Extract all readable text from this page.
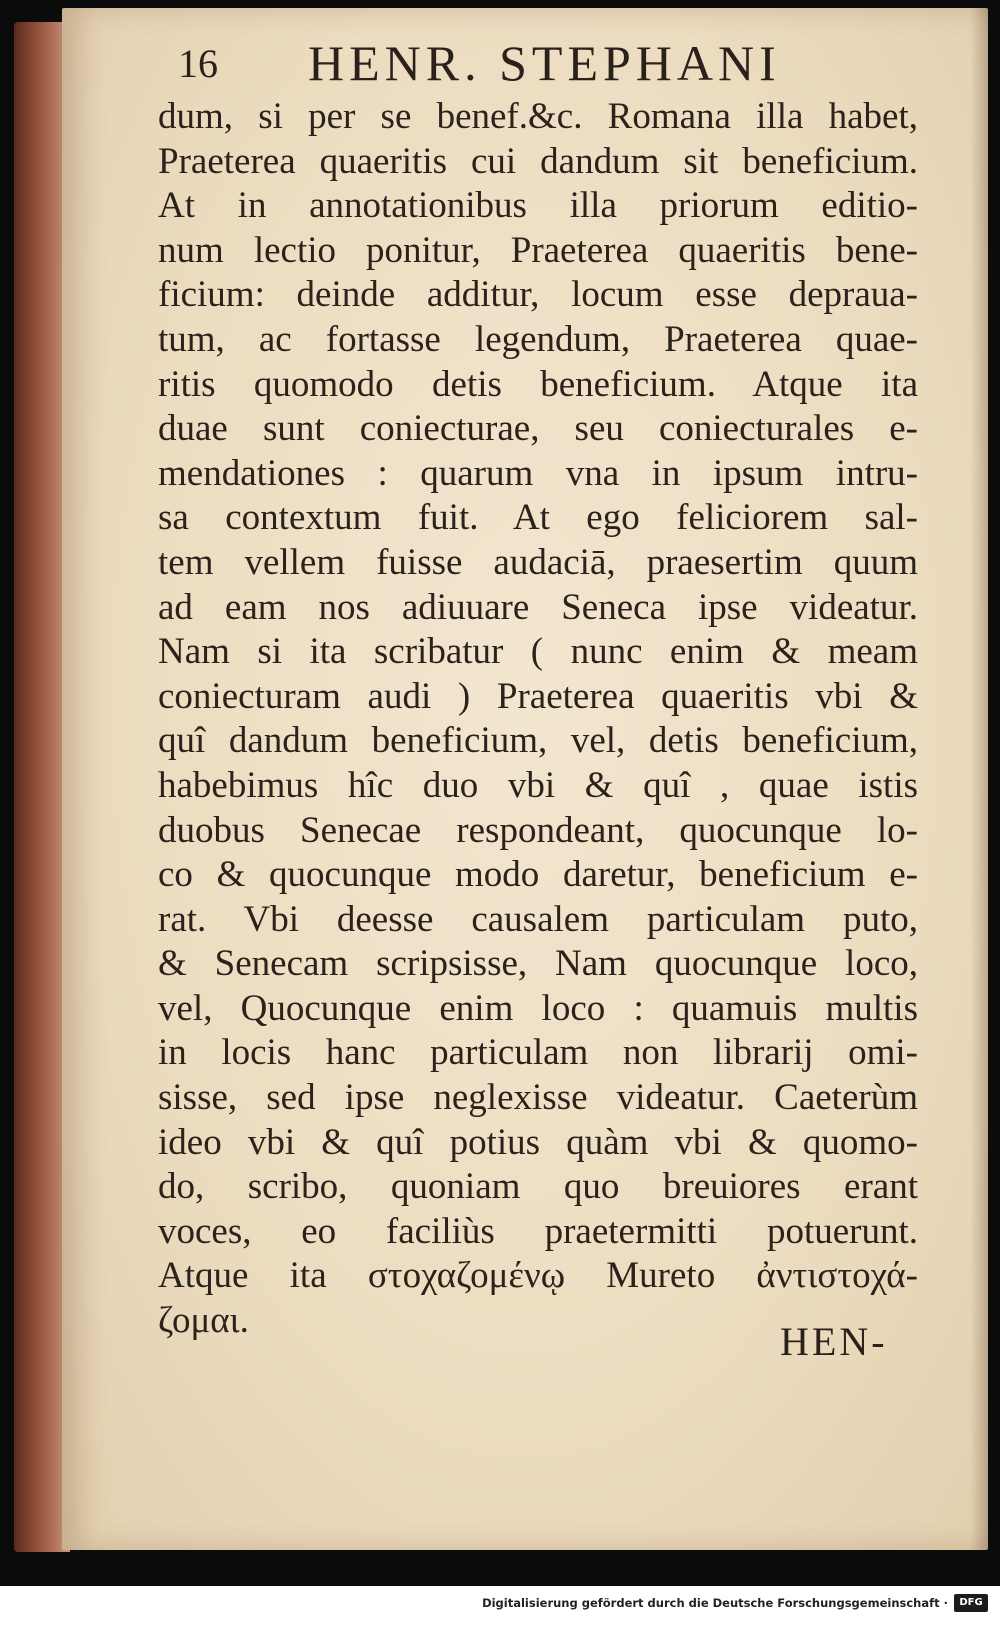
16 HENR. STEPHANI
dum, si per se benef.&c. Romana illa habet,
Praeterea quaeritis cui dandum sit beneficium.
At in annotationibus illa priorum editio-
num lectio ponitur, Praeterea quaeritis bene-
ficium: deinde additur, locum esse deprauа-
tum, ac fortasse legendum, Praeterea quae-
ritis quomodo detis beneficium. Atque ita
duae sunt coniecturae, seu coniecturales e-
mendationes : quarum vna in ipsum intru-
sa contextum fuit. At ego feliciorem sal-
tem vellem fuisse audaciā, praesertim quum
ad eam nos adiuuare Seneca ipse videatur.
Nam si ita scribatur ( nunc enim & meam
coniecturam audi ) Praeterea quaeritis vbi &
quî dandum beneficium, vel, detis beneficium,
habebimus hîc duo vbi & quî , quae istis
duobus Senecae respondeant, quocunque lo-
co & quocunque modo daretur, beneficium e-
rat. Vbi deesse causalem particulam puto,
& Senecam scripsisse, Nam quocunque loco,
vel, Quocunque enim loco : quamuis multis
in locis hanc particulam non librarij omi-
sisse, sed ipse neglexisse videatur. Caeterùm
ideo vbi & quî potius quàm vbi & quomo-
do, scribo, quoniam quo breuiores erant
voces, eo faciliùs praetermitti potuerunt.
Atque ita στοχαζομένῳ Mureto ἀντιστοχά-
ζομαι.	HEN-
Digitalisierung gefördert durch die Deutsche Forschungsgemeinschaft ·	DFG
